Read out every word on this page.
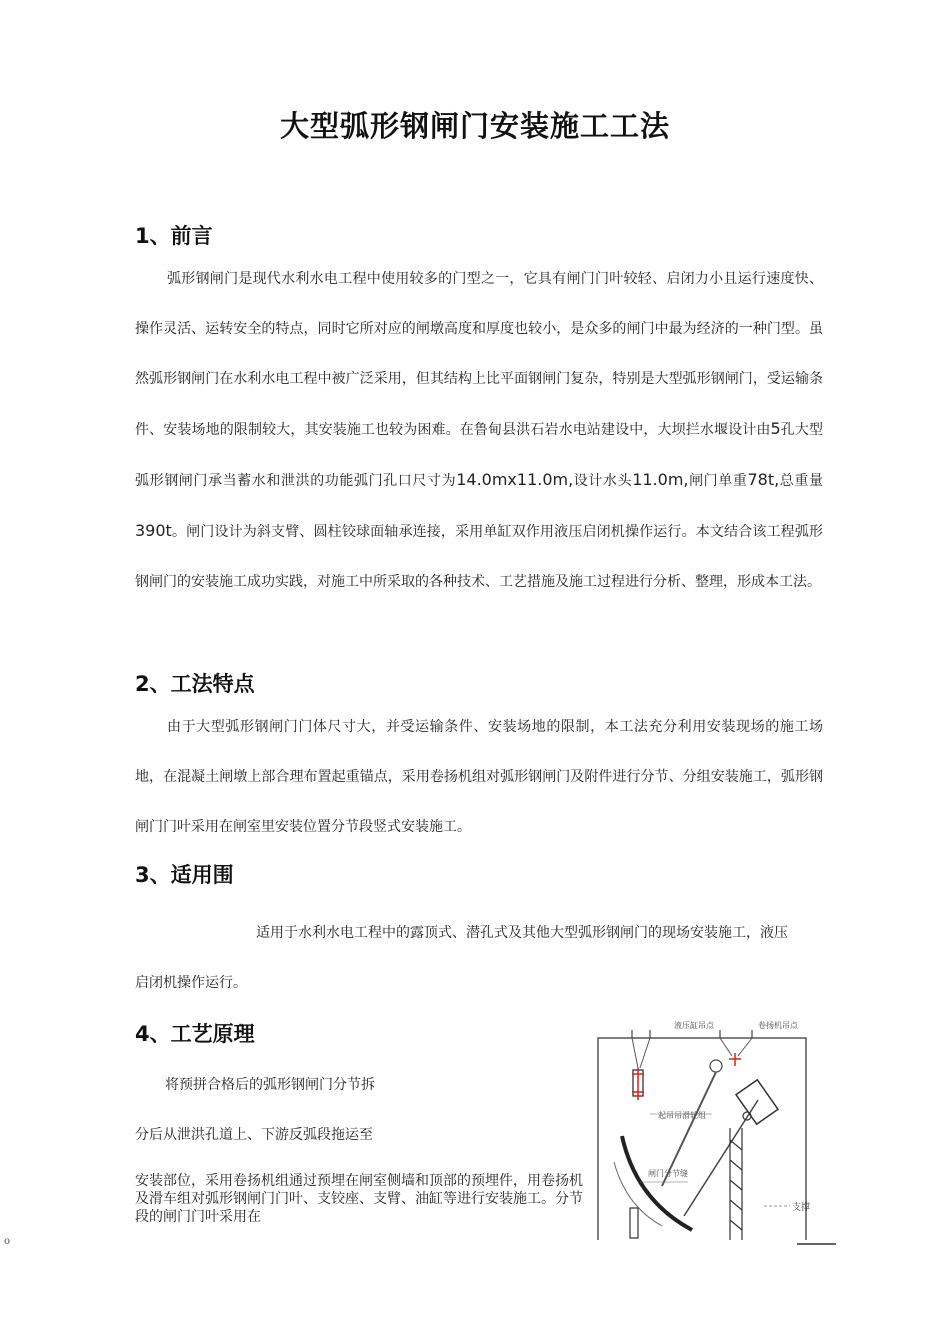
大型弧形钢闸门安装施工工法
1、前言

弧形钢闸门是现代水利水电工程中使用较多的门型之一，它具有闸门门叶较轻、启闭力小且运行速度快、操作灵活、运转安全的特点，同时它所对应的闸墩高度和厚度也较小，是众多的闸门中最为经济的一种门型。虽然弧形钢闸门在水利水电工程中被广泛采用，但其结构上比平面钢闸门复杂，特别是大型弧形钢闸门，受运输条件、安装场地的限制较大，其安装施工也较为困难。在鲁甸县洪石岩水电站建设中，大坝拦水堰设计由5孔大型弧形钢闸门承当蓄水和泄洪的功能弧门孔口尺寸为14.0mx11.0m,设计水头11.0m,闸门单重78t,总重量390t。闸门设计为斜支臂、圆柱铰球面轴承连接，采用单缸双作用液压启闭机操作运行。本文结合该工程弧形钢闸门的安装施工成功实践，对施工中所采取的各种技术、工艺措施及施工过程进行分析、整理，形成本工法。

2、工法特点

由于大型弧形钢闸门门体尺寸大，并受运输条件、安装场地的限制，本工法充分利用安装现场的施工场地，在混凝土闸墩上部合理布置起重锚点，采用卷扬机组对弧形钢闸门及附件进行分节、分组安装施工，弧形钢闸门门叶采用在闸室里安装位置分节段竖式安装施工。

3、适用围
适用于水利水电工程中的露顶式、潜孔式及其他大型弧形钢闸门的现场安装施工，液压
启闭机操作运行。
4、工艺原理
将预拼合格后的弧形钢闸门分节拆
分后从泄洪孔道上、下游反弧段拖运至

安装部位，采用卷扬机组通过预埋在闸室侧墙和顶部的预埋件，用卷扬机及滑车组对弧形钢闸门门叶、支铰座、支臂、油缸等进行安装施工。分节段的闸门门叶采用在

液压缸吊点	卷扬机吊点
起吊吊滑轮组
闸门分节缝
支撑
o
